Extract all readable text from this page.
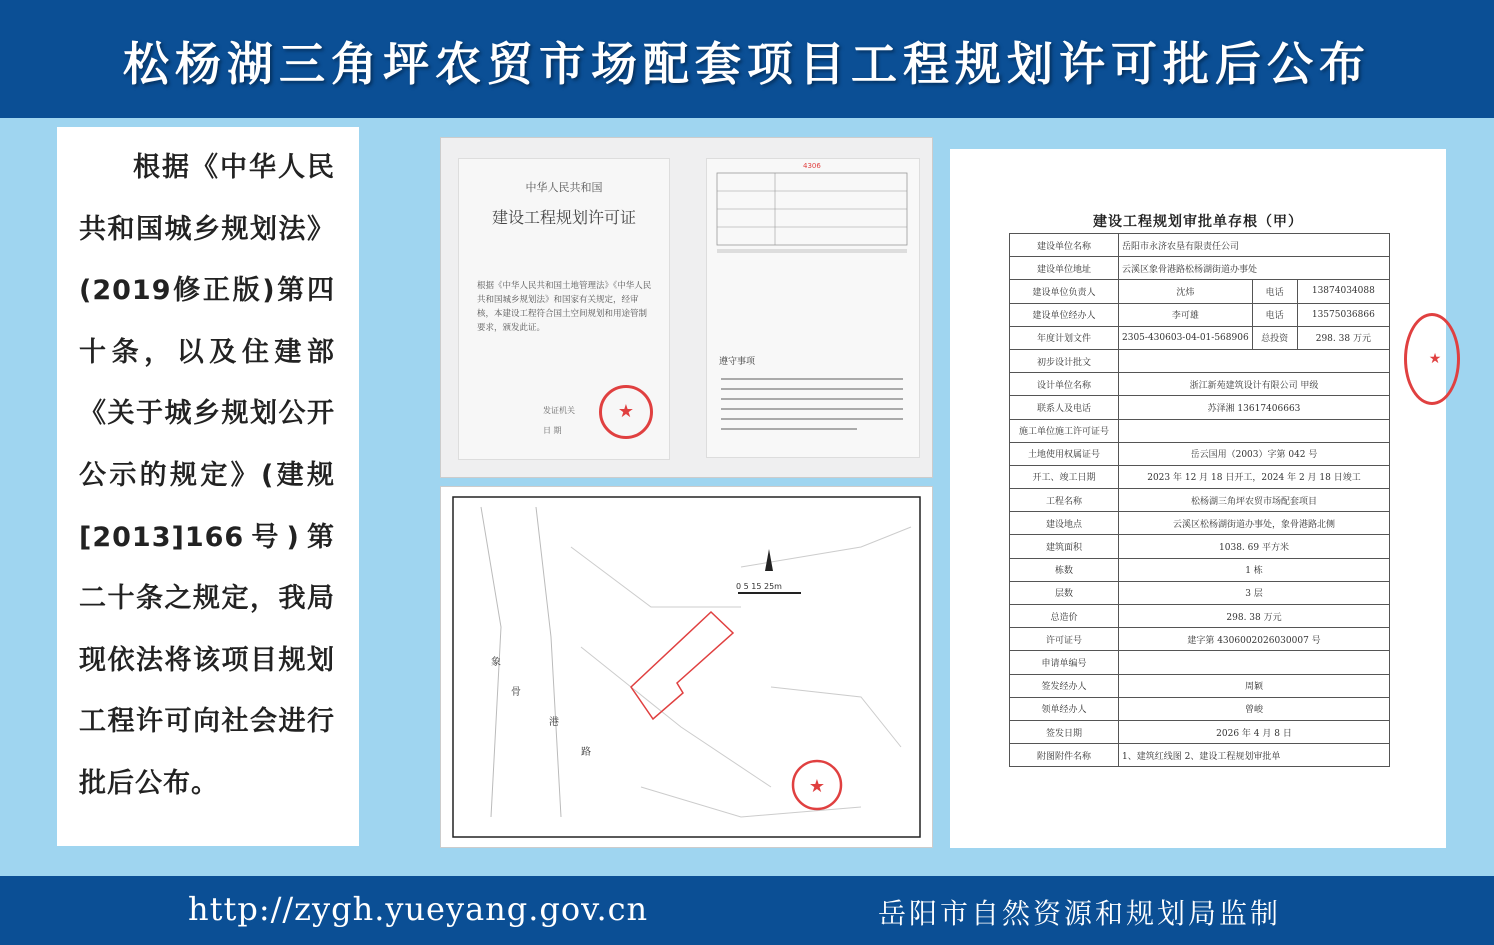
松杨湖三角坪农贸市场配套项目工程规划许可批后公布

根据《中华人民共和国城乡规划法》(2019修正版)第四十条，以及住建部《关于城乡规划公开公示的规定》(建规[2013]166号)第二十条之规定，我局现依法将该项目规划工程许可向社会进行批后公布。

中华人民共和国
建设工程规划许可证
根据《中华人民共和国土地管理法》《中华人民共和国城乡规划法》和国家有关规定，经审核，本建设工程符合国土空间规划和用途管制要求，颁发此证。
发证机关
日 期
★
4306
遵守事项
★
0 5 15 25m
象
骨
港
路
建设工程规划审批单存根（甲）
建设单位名称	岳阳市永济农垦有限责任公司		
建设单位地址	云溪区象骨港路松杨湖街道办事处		
建设单位负责人	沈炜	电话	13874034088
建设单位经办人	李可雄	电话	13575036866
年度计划文件	2305-430603-04-01-568906	总投资	298. 38 万元
初步设计批文			
设计单位名称	浙江新苑建筑设计有限公司 甲级		
联系人及电话	苏泽湘 13617406663		
施工单位施工许可证号			
土地使用权属证号	岳云国用（2003）字第 042 号		
开工、竣工日期	2023 年 12 月 18 日开工，2024 年 2 月 18 日竣工		
工程名称	松杨湖三角坪农贸市场配套项目		
建设地点	云溪区松杨湖街道办事处，象骨港路北侧		
建筑面积	1038. 69 平方米		
栋数	1 栋		
层数	3 层		
总造价	298. 38 万元		
许可证号	建字第 4306002026030007 号		
申请单编号			
签发经办人	周颖		
领单经办人	曾峻		
签发日期	2026 年 4 月 8 日		
附图附件名称	1、建筑红线图 2、建设工程规划审批单		
★
http://zygh.yueyang.gov.cn	岳阳市自然资源和规划局监制
